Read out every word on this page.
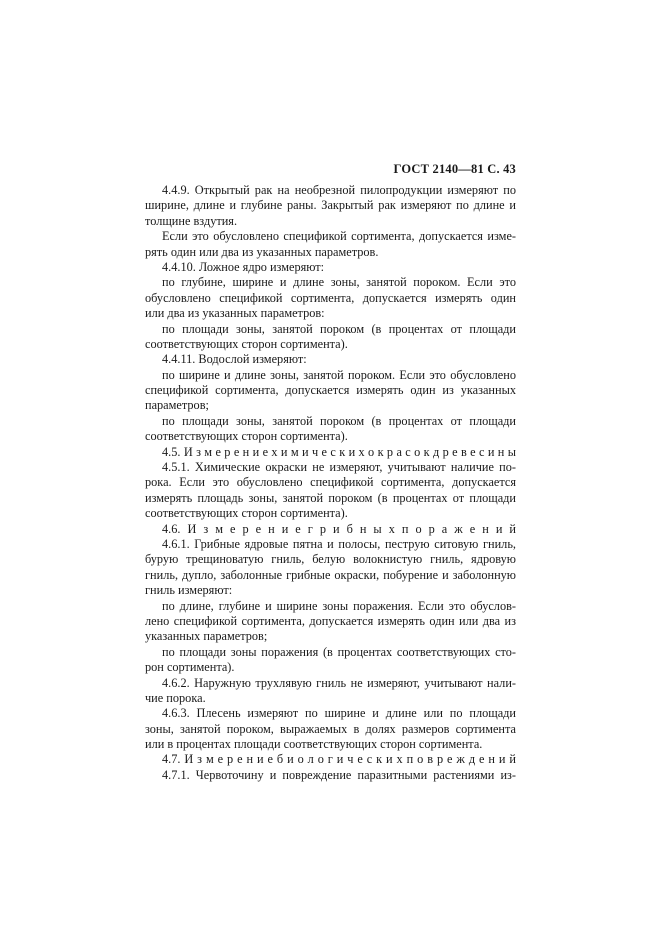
ГОСТ 2140—81 С. 43
4.4.9. Открытый рак на необрезной пилопродукции измеряют по
ширине, длине и глубине раны. Закрытый рак измеряют по длине и
толщине вздутия.
Если это обусловлено спецификой сортимента, допускается изме-
рять один или два из указанных параметров.
4.4.10. Ложное ядро измеряют:
по глубине, ширине и длине зоны, занятой пороком. Если это
обусловлено спецификой сортимента, допускается измерять один
или два из указанных параметров:
по площади зоны, занятой пороком (в процентах от площади
соответствующих сторон сортимента).
4.4.11. Водослой измеряют:
по ширине и длине зоны, занятой пороком. Если это обусловлено
спецификой сортимента, допускается измерять один из указанных
параметров;
по площади зоны, занятой пороком (в процентах от площади
соответствующих сторон сортимента).
4.5. И з м е р е н и е х и м и ч е с к и х о к р а с о к д р е в е с и н ы
4.5.1. Химические окраски не измеряют, учитывают наличие по-
рока. Если это обусловлено спецификой сортимента, допускается
измерять площадь зоны, занятой пороком (в процентах от площади
соответствующих сторон сортимента).
4.6. И з м е р е н и е г р и б н ы х п о р а ж е н и й
4.6.1. Грибные ядровые пятна и полосы, пеструю ситовую гниль,
бурую трещиноватую гниль, белую волокнистую гниль, ядровую
гниль, дупло, заболонные грибные окраски, побурение и заболонную
гниль измеряют:
по длине, глубине и ширине зоны поражения. Если это обуслов-
лено спецификой сортимента, допускается измерять один или два из
указанных параметров;
по площади зоны поражения (в процентах соответствующих сто-
рон сортимента).
4.6.2. Наружную трухлявую гниль не измеряют, учитывают нали-
чие порока.
4.6.3. Плесень измеряют по ширине и длине или по площади
зоны, занятой пороком, выражаемых в долях размеров сортимента
или в процентах площади соответствующих сторон сортимента.
4.7. И з м е р е н и е б и о л о г и ч е с к и х п о в р е ж д е н и й
4.7.1. Червоточину и повреждение паразитными растениями из-
